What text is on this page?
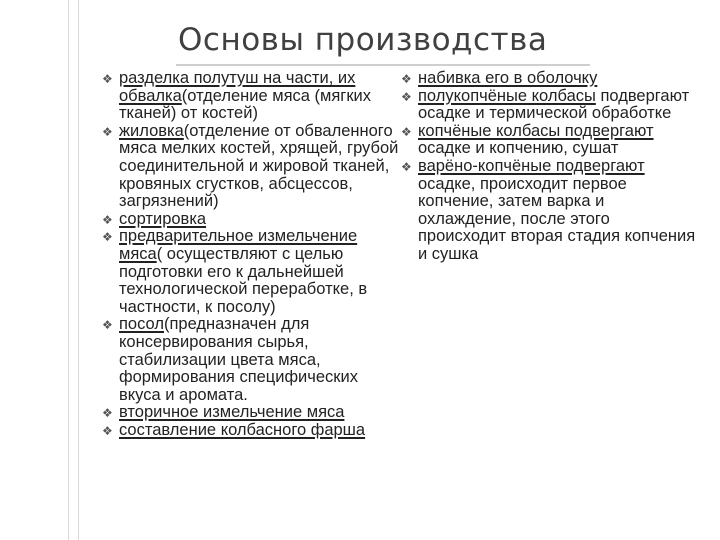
Основы производства

❖ разделка полутуш на части, их обвалка(отделение мяса (мягких тканей) от костей)

❖ жиловка(отделение от обваленного мяса мелких костей, хрящей, грубой соединительной и жировой тканей, кровяных сгустков, абсцессов, загрязнений)

❖ сортировка

❖ предварительное измельчение мяса( осуществляют с целью подготовки его к дальнейшей технологической переработке, в частности, к посолу)

❖ посол(предназначен для консервирования сырья, стабилизации цвета мяса, формирования специфических вкуса и аромата.

❖ вторичное измельчение мяса

❖ составление колбасного фарша

❖ набивка его в оболочку

❖ полукопчёные колбасы подвергают осадке и термической обработке

❖ копчёные колбасы подвергают осадке и копчению, сушат

❖ варёно-копчёные подвергают осадке, происходит первое копчение, затем варка и охлаждение, после этого происходит вторая стадия копчения и сушка
